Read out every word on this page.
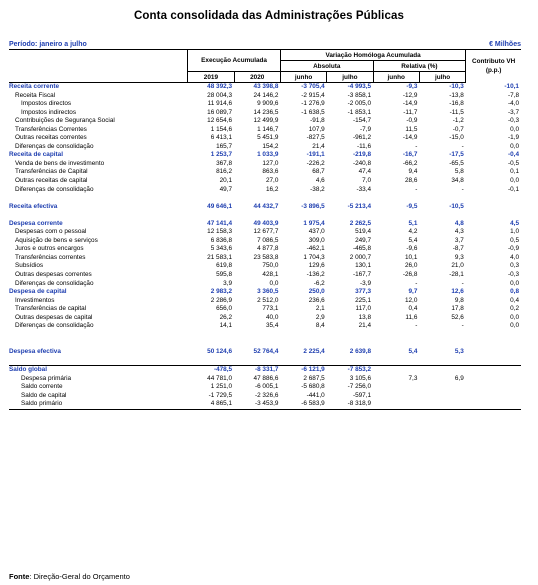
Conta consolidada das Administrações Públicas
Período: janeiro a julho	€ Milhões
	Execução Acumulada		Variação Homóloga Acumulada				Contributo VH (p.p.)
			Absoluta		Relativa (%)		
	2019	2020	junho	julho	junho	julho	
Receita corrente	48 392,3	43 398,8	-3 705,4	-4 993,5	-9,3	-10,3	-10,1
Receita Fiscal	28 004,3	24 146,2	-2 915,4	-3 858,1	-12,9	-13,8	-7,8
Impostos directos	11 914,6	9 909,6	-1 276,9	-2 005,0	-14,9	-16,8	-4,0
Impostos indirectos	16 089,7	14 236,5	-1 638,5	-1 853,1	-11,7	-11,5	-3,7
Contribuições de Segurança Social	12 654,6	12 499,9	-91,8	-154,7	-0,9	-1,2	-0,3
Transferências Correntes	1 154,6	1 146,7	107,9	-7,9	11,5	-0,7	0,0
Outras receitas correntes	6 413,1	5 451,9	-827,5	-961,2	-14,9	-15,0	-1,9
Diferenças de consolidação	165,7	154,2	21,4	-11,6	-	-	0,0
Receita de capital	1 253,7	1 033,9	-191,1	-219,8	-16,7	-17,5	-0,4
Venda de bens de investimento	367,8	127,0	-226,2	-240,8	-66,2	-65,5	-0,5
Transferências de Capital	816,2	863,6	68,7	47,4	9,4	5,8	0,1
Outras receitas de capital	20,1	27,0	4,6	7,0	28,6	34,8	0,0
Diferenças de consolidação	49,7	16,2	-38,2	-33,4	-	-	-0,1

Receita efectiva	49 646,1	44 432,7	-3 896,5	-5 213,4	-9,5	-10,5	

Despesa corrente	47 141,4	49 403,9	1 975,4	2 262,5	5,1	4,8	4,5
Despesas com o pessoal	12 158,3	12 677,7	437,0	519,4	4,2	4,3	1,0
Aquisição de bens e serviços	6 836,8	7 086,5	309,0	249,7	5,4	3,7	0,5
Juros e outros encargos	5 343,6	4 877,8	-462,1	-465,8	-9,6	-8,7	-0,9
Transferências correntes	21 583,1	23 583,8	1 704,3	2 000,7	10,1	9,3	4,0
Subsídios	619,8	750,0	129,6	130,1	26,0	21,0	0,3
Outras despesas correntes	595,8	428,1	-136,2	-167,7	-26,8	-28,1	-0,3
Diferenças de consolidação	3,9	0,0	-6,2	-3,9	-	-	0,0
Despesa de capital	2 983,2	3 360,5	250,0	377,3	9,7	12,6	0,8
Investimentos	2 286,9	2 512,0	236,6	225,1	12,0	9,8	0,4
Transferências de capital	656,0	773,1	2,1	117,0	0,4	17,8	0,2
Outras despesas de capital	26,2	40,0	2,9	13,8	11,6	52,6	0,0
Diferenças de consolidação	14,1	35,4	8,4	21,4	-	-	0,0

Despesa efectiva	50 124,6	52 764,4	2 225,4	2 639,8	5,4	5,3	

Saldo global	-478,5	-8 331,7	-6 121,9	-7 853,2			
Despesa primária	44 781,0	47 886,6	2 687,5	3 105,6	7,3	6,9	
Saldo corrente	1 251,0	-6 005,1	-5 680,8	-7 256,0			
Saldo de capital	-1 729,5	-2 326,6	-441,0	-597,1			
Saldo primário	4 865,1	-3 453,9	-6 583,9	-8 318,9			
Fonte: Direção-Geral do Orçamento
